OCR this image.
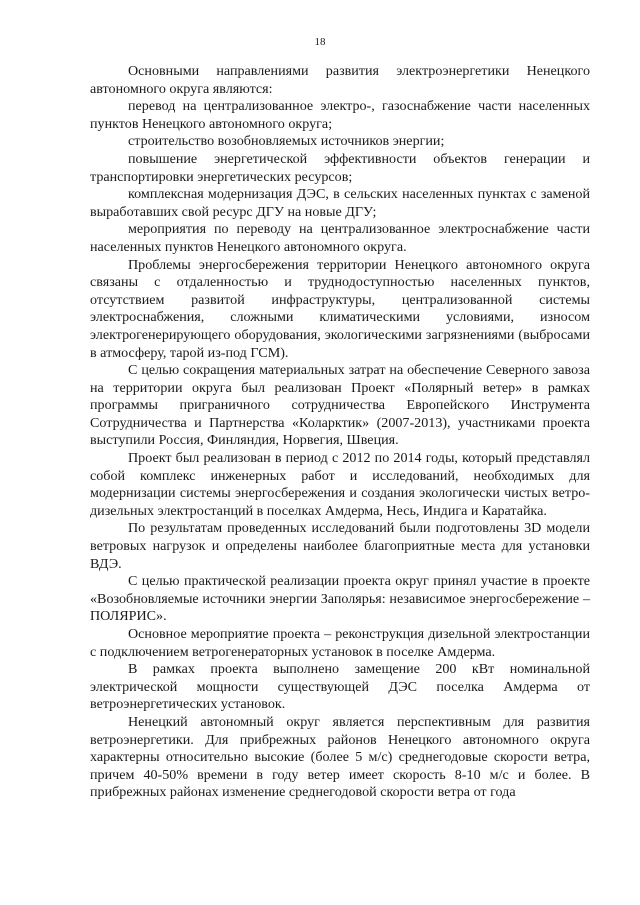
18

Основными направлениями развития электроэнергетики Ненецкого автономного округа являются:

перевод на централизованное электро-, газоснабжение части населенных пунктов Ненецкого автономного округа;

строительство возобновляемых источников энергии;

повышение энергетической эффективности объектов генерации и транспортировки энергетических ресурсов;

комплексная модернизация ДЭС, в сельских населенных пунктах с заменой выработавших свой ресурс ДГУ на новые ДГУ;

мероприятия по переводу на централизованное электроснабжение части населенных пунктов Ненецкого автономного округа.

Проблемы энергосбережения территории Ненецкого автономного округа связаны с отдаленностью и труднодоступностью населенных пунктов, отсутствием развитой инфраструктуры, централизованной системы электроснабжения, сложными климатическими условиями, износом электрогенерирующего оборудования, экологическими загрязнениями (выбросами в атмосферу, тарой из-под ГСМ).

С целью сокращения материальных затрат на обеспечение Северного завоза на территории округа был реализован Проект «Полярный ветер» в рамках программы приграничного сотрудничества Европейского Инструмента Сотрудничества и Партнерства «Коларктик» (2007-2013), участниками проекта выступили Россия, Финляндия, Норвегия, Швеция.

Проект был реализован в период с 2012 по 2014 годы, который представлял собой комплекс инженерных работ и исследований, необходимых для модернизации системы энергосбережения и создания экологически чистых ветро-дизельных электростанций в поселках Амдерма, Несь, Индига и Каратайка.

По результатам проведенных исследований были подготовлены 3D модели ветровых нагрузок и определены наиболее благоприятные места для установки ВДЭ.

С целью практической реализации проекта округ принял участие в проекте «Возобновляемые источники энергии Заполярья: независимое энергосбережение – ПОЛЯРИС».

Основное мероприятие проекта – реконструкция дизельной электростанции с подключением ветрогенераторных установок в поселке Амдерма.

В рамках проекта выполнено замещение 200 кВт номинальной электрической мощности существующей ДЭС поселка Амдерма от ветроэнергетических установок.

Ненецкий автономный округ является перспективным для развития ветроэнергетики. Для прибрежных районов Ненецкого автономного округа характерны относительно высокие (более 5 м/с) среднегодовые скорости ветра, причем 40-50% времени в году ветер имеет скорость 8-10 м/с и более. В прибрежных районах изменение среднегодовой скорости ветра от года
